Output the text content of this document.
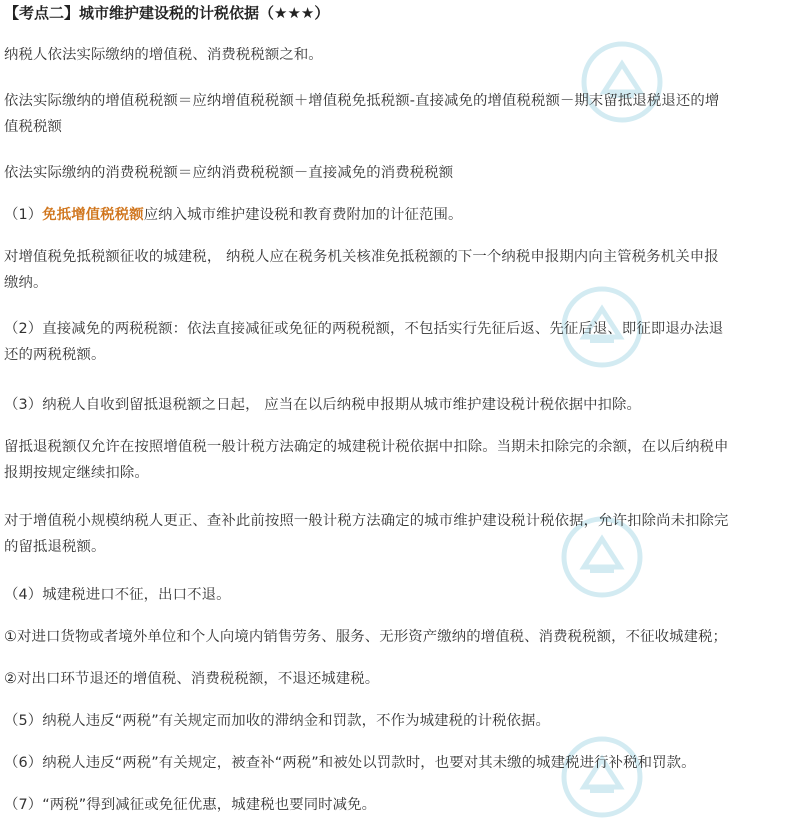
【考点二】城市维护建设税的计税依据（★★★）
纳税人依法实际缴纳的增值税、消费税税额之和。
依法实际缴纳的增值税税额＝应纳增值税税额＋增值税免抵税额-直接减免的增值税税额－期末留抵退税退还的增
值税税额
依法实际缴纳的消费税税额＝应纳消费税税额－直接减免的消费税税额
（1）免抵增值税税额应纳入城市维护建设税和教育费附加的计征范围。
对增值税免抵税额征收的城建税， 纳税人应在税务机关核准免抵税额的下一个纳税申报期内向主管税务机关申报
缴纳。
（2）直接减免的两税税额：依法直接减征或免征的两税税额，不包括实行先征后返、先征后退、即征即退办法退
还的两税税额。
（3）纳税人自收到留抵退税额之日起， 应当在以后纳税申报期从城市维护建设税计税依据中扣除。
留抵退税额仅允许在按照增值税一般计税方法确定的城建税计税依据中扣除。当期未扣除完的余额，在以后纳税申
报期按规定继续扣除。
对于增值税小规模纳税人更正、查补此前按照一般计税方法确定的城市维护建设税计税依据，允许扣除尚未扣除完
的留抵退税额。
（4）城建税进口不征，出口不退。
①对进口货物或者境外单位和个人向境内销售劳务、服务、无形资产缴纳的增值税、消费税税额，不征收城建税；
②对出口环节退还的增值税、消费税税额，不退还城建税。
（5）纳税人违反“两税”有关规定而加收的滞纳金和罚款，不作为城建税的计税依据。
（6）纳税人违反“两税”有关规定，被查补“两税”和被处以罚款时，也要对其未缴的城建税进行补税和罚款。
（7）“两税”得到减征或免征优惠，城建税也要同时减免。
